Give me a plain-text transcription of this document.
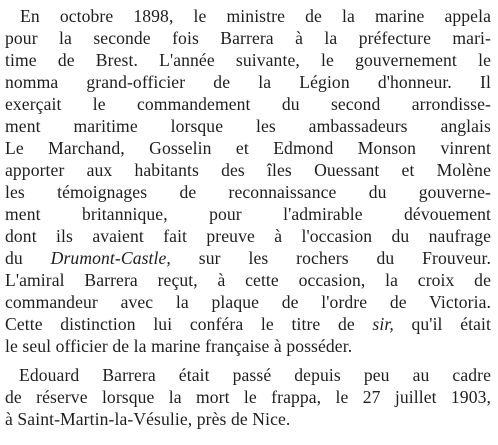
En octobre 1898, le ministre de la marine appela
pour la seconde fois Barrera à la préfecture mari-
time de Brest. L'année suivante, le gouvernement le
nomma grand-officier de la Légion d'honneur. Il
exerçait le commandement du second arrondisse-
ment maritime lorsque les ambassadeurs anglais
Le Marchand, Gosselin et Edmond Monson vinrent
apporter aux habitants des îles Ouessant et Molène
les témoignages de reconnaissance du gouverne-
ment britannique, pour l'admirable dévouement
dont ils avaient fait preuve à l'occasion du naufrage
du Drumont-Castle, sur les rochers du Frouveur.
L'amiral Barrera reçut, à cette occasion, la croix de
commandeur avec la plaque de l'ordre de Victoria.
Cette distinction lui conféra le titre de sir, qu'il était
le seul officier de la marine française à posséder.
Edouard Barrera était passé depuis peu au cadre
de réserve lorsque la mort le frappa, le 27 juillet 1903,
à Saint-Martin-la-Vésulie, près de Nice.
